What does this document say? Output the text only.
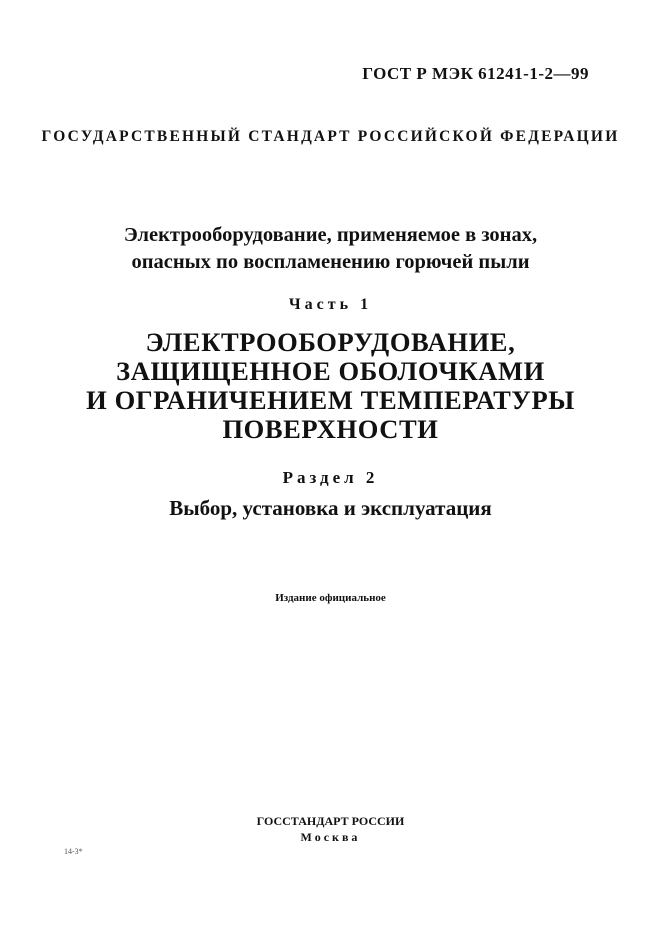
ГОСТ Р МЭК 61241-1-2—99
ГОСУДАРСТВЕННЫЙ СТАНДАРТ РОССИЙСКОЙ ФЕДЕРАЦИИ

Электрооборудование, применяемое в зонах,
опасных по воспламенению горючей пыли

Часть 1
ЭЛЕКТРООБОРУДОВАНИЕ,
ЗАЩИЩЕННОЕ ОБОЛОЧКАМИ
И ОГРАНИЧЕНИЕМ ТЕМПЕРАТУРЫ
ПОВЕРХНОСТИ
Раздел 2
Выбор, установка и эксплуатация
Издание официальное
ГОССТАНДАРТ РОССИИ
Москва
14-3*
